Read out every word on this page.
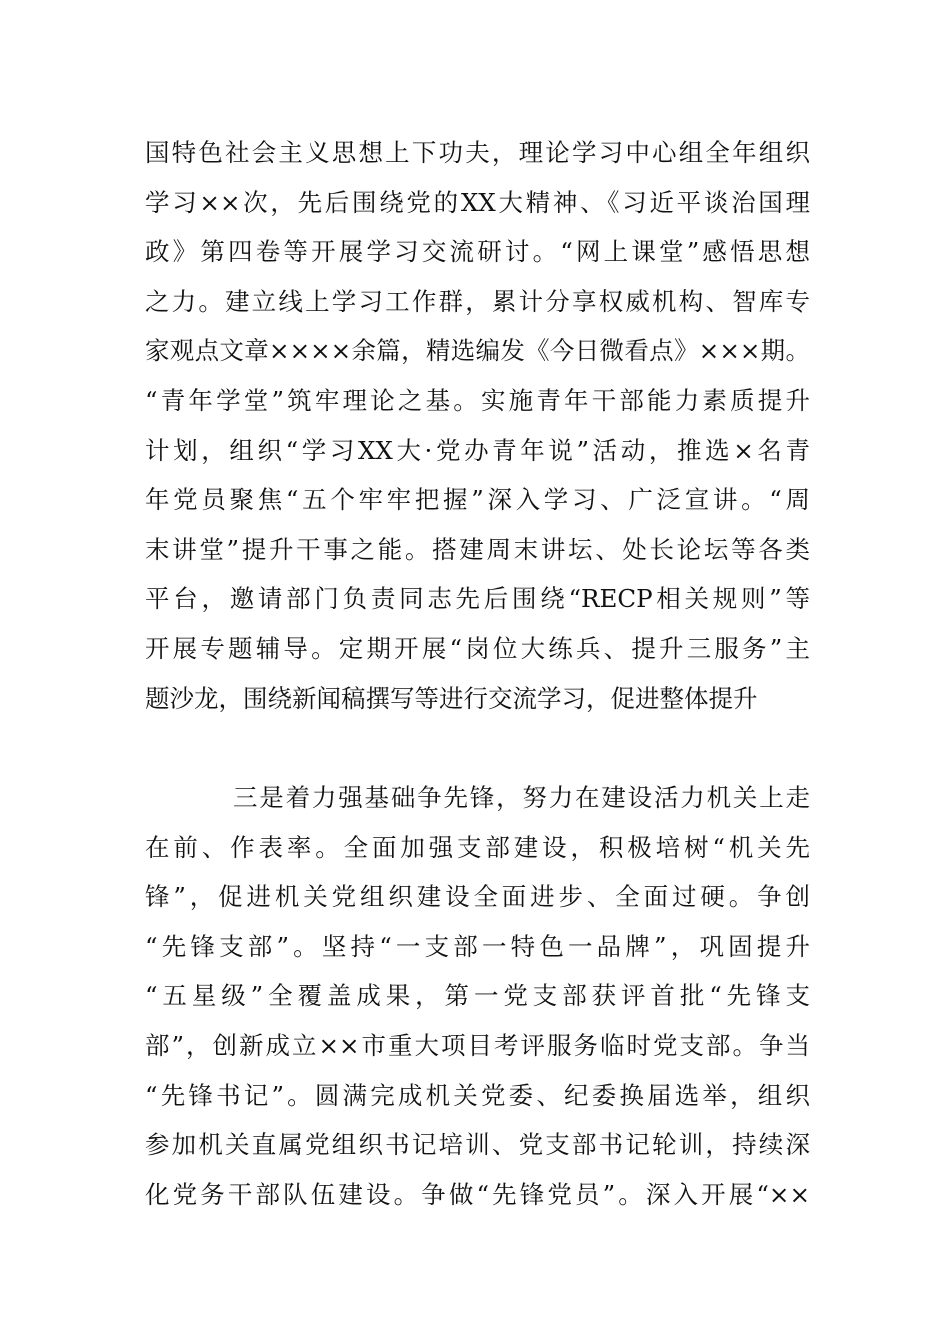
国特色社会主义思想上下功夫，理论学习中心组全年组织
学习××次，先后围绕党的XX大精神、《习近平谈治国理
政》第四卷等开展学习交流研讨。“网上课堂”感悟思想
之力。建立线上学习工作群，累计分享权威机构、智库专
家观点文章××××余篇，精选编发《今日微看点》×××期。
“青年学堂”筑牢理论之基。实施青年干部能力素质提升
计划，组织“学习XX大·党办青年说”活动，推选×名青
年党员聚焦“五个牢牢把握”深入学习、广泛宣讲。“周
末讲堂”提升干事之能。搭建周末讲坛、处长论坛等各类
平台，邀请部门负责同志先后围绕“RECP相关规则”等
开展专题辅导。定期开展“岗位大练兵、提升三服务”主
题沙龙，围绕新闻稿撰写等进行交流学习，促进整体提升
三是着力强基础争先锋，努力在建设活力机关上走
在前、作表率。全面加强支部建设，积极培树“机关先
锋”，促进机关党组织建设全面进步、全面过硬。争创
“先锋支部”。坚持“一支部一特色一品牌”，巩固提升
“五星级”全覆盖成果，第一党支部获评首批“先锋支
部”，创新成立××市重大项目考评服务临时党支部。争当
“先锋书记”。圆满完成机关党委、纪委换届选举，组织
参加机关直属党组织书记培训、党支部书记轮训，持续深
化党务干部队伍建设。争做“先锋党员”。深入开展“××
